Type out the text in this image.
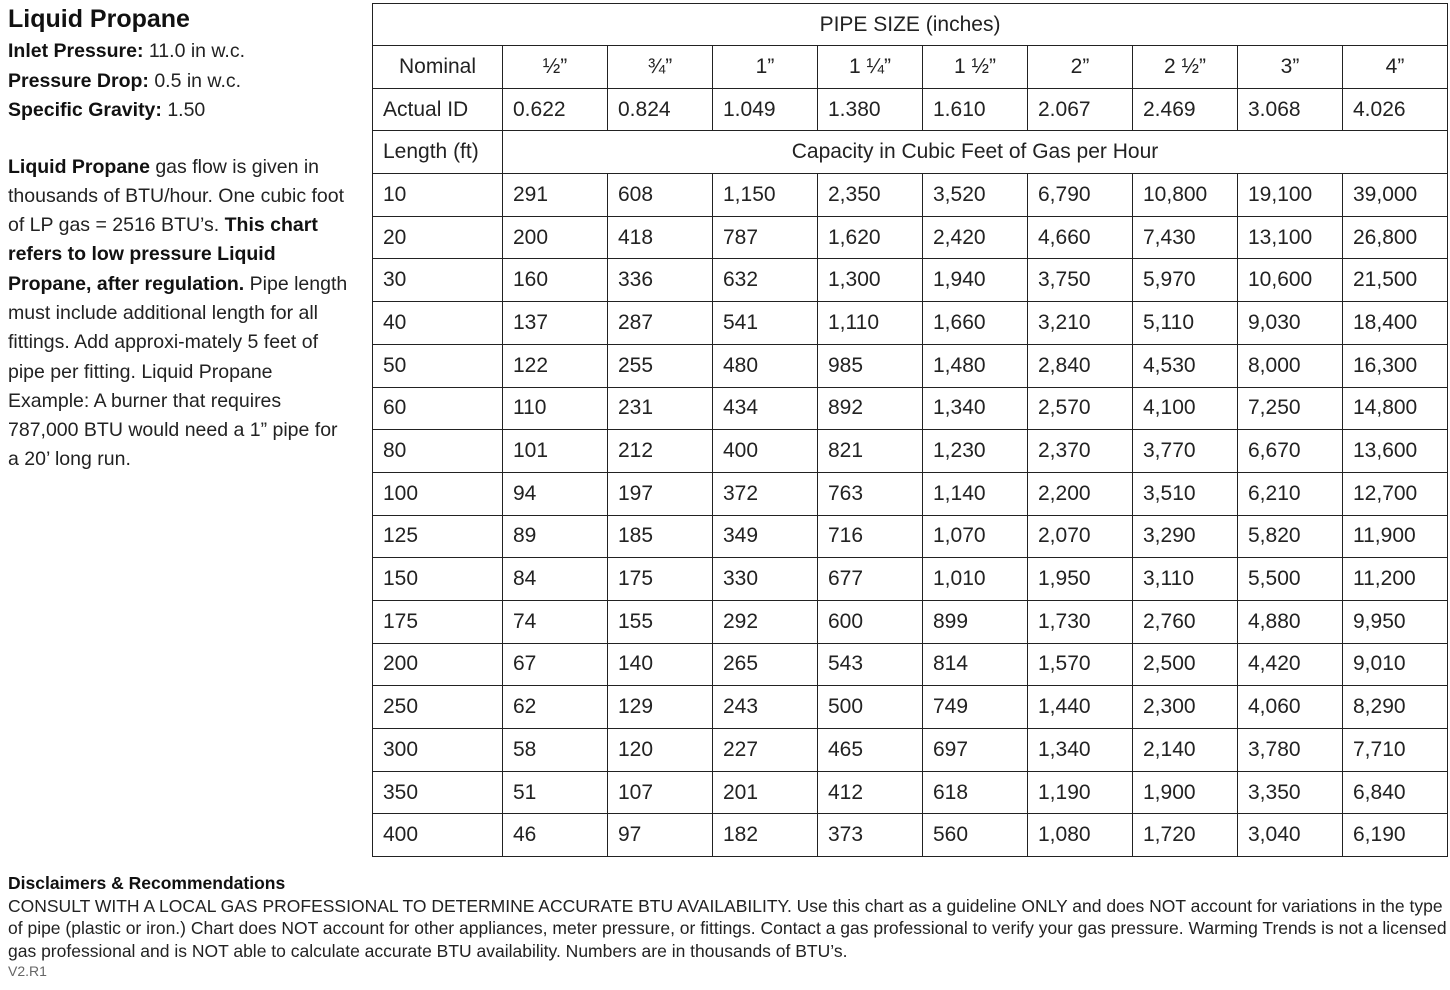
Liquid Propane
Inlet Pressure: 11.0 in w.c.
Pressure Drop: 0.5 in w.c.
Specific Gravity: 1.50
Liquid Propane gas flow is given in thousands of BTU/hour. One cubic foot of LP gas = 2516 BTU’s. This chart refers to low pressure Liquid Propane, after regulation. Pipe length must include additional length for all fittings. Add approxi-mately 5 feet of pipe per fitting. Liquid Propane Example: A burner that requires 787,000 BTU would need a 1” pipe for a 20’ long run.
PIPE SIZE (inches)									
Nominal	½”	¾”	1”	1 ¼”	1 ½”	2”	2 ½”	3”	4”
Actual ID	0.622	0.824	1.049	1.380	1.610	2.067	2.469	3.068	4.026
Length (ft)	Capacity in Cubic Feet of Gas per Hour								
10	291	608	1,150	2,350	3,520	6,790	10,800	19,100	39,000
20	200	418	787	1,620	2,420	4,660	7,430	13,100	26,800
30	160	336	632	1,300	1,940	3,750	5,970	10,600	21,500
40	137	287	541	1,110	1,660	3,210	5,110	9,030	18,400
50	122	255	480	985	1,480	2,840	4,530	8,000	16,300
60	110	231	434	892	1,340	2,570	4,100	7,250	14,800
80	101	212	400	821	1,230	2,370	3,770	6,670	13,600
100	94	197	372	763	1,140	2,200	3,510	6,210	12,700
125	89	185	349	716	1,070	2,070	3,290	5,820	11,900
150	84	175	330	677	1,010	1,950	3,110	5,500	11,200
175	74	155	292	600	899	1,730	2,760	4,880	9,950
200	67	140	265	543	814	1,570	2,500	4,420	9,010
250	62	129	243	500	749	1,440	2,300	4,060	8,290
300	58	120	227	465	697	1,340	2,140	3,780	7,710
350	51	107	201	412	618	1,190	1,900	3,350	6,840
400	46	97	182	373	560	1,080	1,720	3,040	6,190
Disclaimers & Recommendations
CONSULT WITH A LOCAL GAS PROFESSIONAL TO DETERMINE ACCURATE BTU AVAILABILITY. Use this chart as a guideline ONLY and does NOT account for variations in the type of pipe (plastic or iron.) Chart does NOT account for other appliances, meter pressure, or fittings. Contact a gas professional to verify your gas pressure. Warming Trends is not a licensed gas professional and is NOT able to calculate accurate BTU availability. Numbers are in thousands of BTU’s.
V2.R1
